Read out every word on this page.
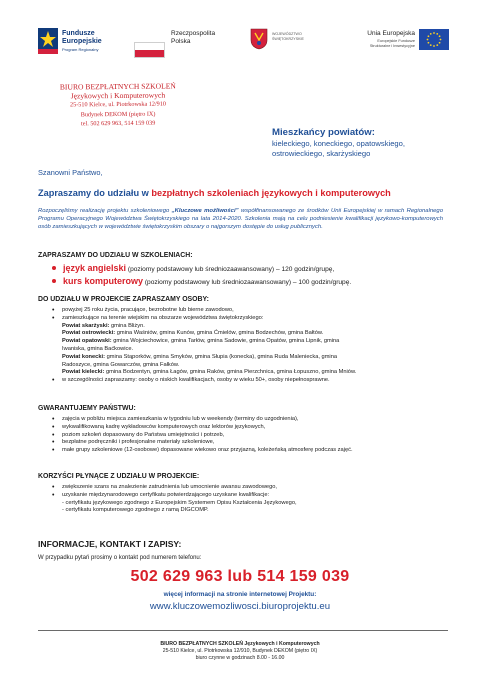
Fundusze
Europejskie
Program Regionalny
Rzeczpospolita
Polska
WOJEWÓDZTWO ŚWIĘTOKRZYSKIE
Unia Europejska
Europejskie Fundusze
Strukturalne i Inwestycyjne
BIURO BEZPŁATNYCH SZKOLEŃ
Językowych i Komputerowych
25-510 Kielce, ul. Piotrkowska 12/910
Budynek DEKOM (piętro IX)
tel. 502 629 963, 514 159 039
Mieszkańcy powiatów:
kieleckiego, koneckiego, opatowskiego,
ostrowieckiego, skarżyskiego
Szanowni Państwo,
Zapraszamy do udziału w bezpłatnych szkoleniach językowych i komputerowych
Rozpoczęliśmy realizację projektu szkoleniowego „Kluczowe możliwości” współfinansowanego ze środków Unii Europejskiej w ramach Regionalnego Programu Operacyjnego Województwa Świętokrzyskiego na lata 2014-2020. Szkolenia mają na celu podniesienie kwalifikacji językowo-komputerowych osób zamieszkujących w województwie świętokrzyskim obszary o najgorszym dostępie do usług publicznych.
ZAPRASZAMY DO UDZIAŁU W SZKOLENIACH:
język angielski (poziomy podstawowy lub średniozaawansowany) – 120 godzin/grupę,
kurs komputerowy (poziomy podstawowy lub średniozaawansowany) – 100 godzin/grupę.
DO UDZIAŁU W PROJEKCIE ZAPRASZAMY OSOBY:
• powyżej 25 roku życia, pracujące, bezrobotne lub bierne zawodowo,
• zamieszkujące na terenie wiejskim na obszarze województwa świętokrzyskiego:
Powiat skarżyski: gmina Bliżyn.
Powiat ostrowiecki: gmina Waśniów, gmina Kunów, gmina Ćmielów, gmina Bodzechów, gmina Bałtów.
Powiat opatowski: gmina Wojciechowice, gmina Tarłów, gmina Sadowie, gmina Opatów, gmina Lipnik, gmina
Iwaniska, gmina Baćkowice.
Powiat konecki: gmina Stąporków, gmina Smyków, gmina Słupia (konecka), gmina Ruda Maleniecka, gmina
Radoszyce, gmina Gowarczów, gmina Fałków.
Powiat kielecki: gmina Bodzentyn, gmina Łagów, gmina Raków, gmina Pierzchnica, gmina Łopuszno, gmina Mniów.
• w szczególności zapraszamy: osoby o niskich kwalifikacjach, osoby w wieku 50+, osoby niepełnosprawne.
GWARANTUJEMY PAŃSTWU:
• zajęcia w pobliżu miejsca zamieszkania w tygodniu lub w weekendy (terminy do uzgodnienia),
• wykwalifikowaną kadrę wykładowców komputerowych oraz lektorów językowych,
• poziom szkoleń dopasowany do Państwa umiejętności i potrzeb,
• bezpłatne podręczniki i profesjonalne materiały szkoleniowe,
• małe grupy szkoleniowe (12-osobowe) dopasowane wiekowo oraz przyjazną, koleżeńską atmosferę podczas zajęć.
KORZYŚCI PŁYNĄCE Z UDZIAŁU W PROJEKCIE:
• zwiększenie szans na znalezienie zatrudnienia lub umocnienie awansu zawodowego,
• uzyskanie międzynarodowego certyfikatu potwierdzającego uzyskane kwalifikacje:
- certyfikatu językowego zgodnego z Europejskim Systemem Opisu Kształcenia Językowego,
- certyfikatu komputerowego zgodnego z ramą DIGCOMP.
INFORMACJE, KONTAKT I ZAPISY:
W przypadku pytań prosimy o kontakt pod numerem telefonu:
502 629 963 lub 514 159 039
więcej informacji na stronie internetowej Projektu:
www.kluczowemozliwosci.biuroprojektu.eu
BIURO BEZPŁATNYCH SZKOLEŃ Językowych i Komputerowych
25-510 Kielce, ul. Piotrkowska 12/910, Budynek DEKOM (piętro IX)
biuro czynne w godzinach 8.00 - 16.00
